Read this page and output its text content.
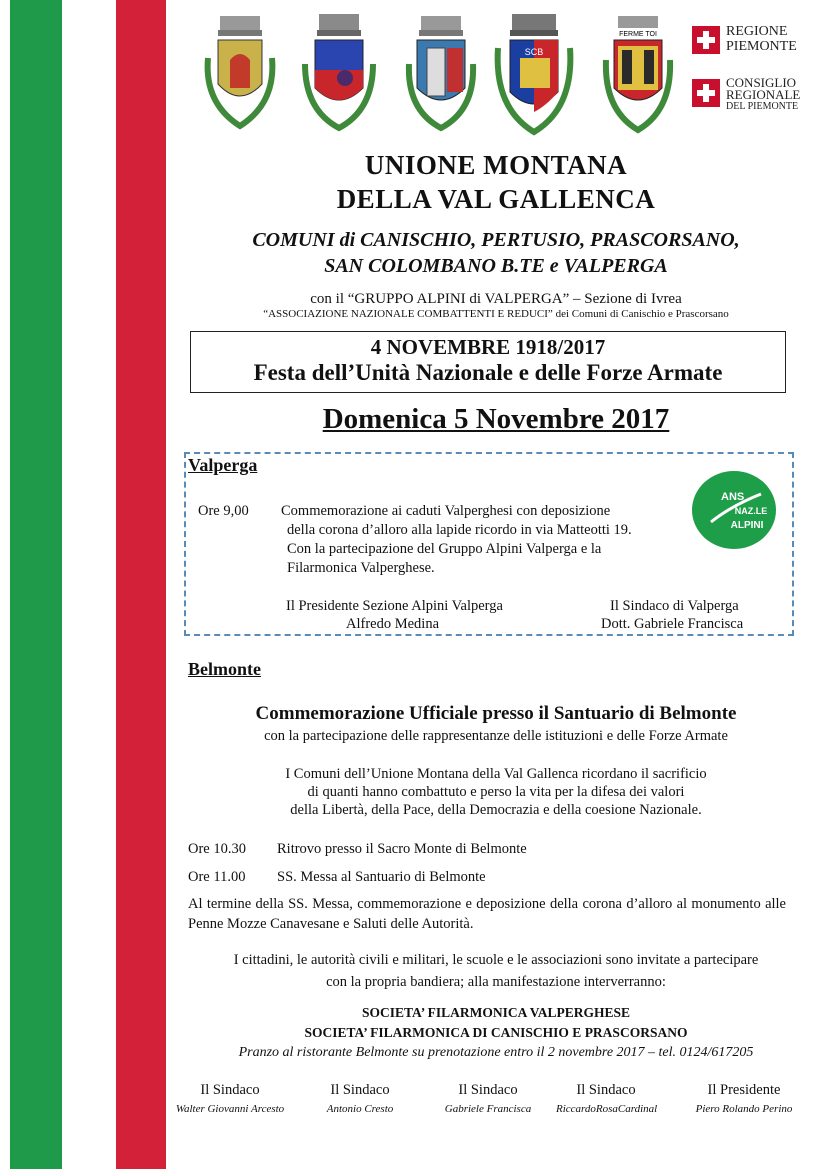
SCB
FERME TOI	REGIONE
PIEMONTE
CONSIGLIO
REGIONALE
DEL PIEMONTE
UNIONE MONTANA
DELLA VAL GALLENCA
COMUNI di CANISCHIO, PERTUSIO, PRASCORSANO,
SAN COLOMBANO B.TE e VALPERGA
con il “GRUPPO ALPINI di VALPERGA” – Sezione di Ivrea
“ASSOCIAZIONE NAZIONALE COMBATTENTI E REDUCI” dei Comuni di Canischio e Prascorsano
4 NOVEMBRE 1918/2017
Festa dell’Unità Nazionale e delle Forze Armate
Domenica 5 Novembre 2017
Valperga
Ore 9,00 Commemorazione ai caduti Valperghesi con deposizione
della corona d’alloro alla lapide ricordo in via Matteotti 19.
Con la partecipazione del Gruppo Alpini Valperga e la
Filarmonica Valperghese.
ANS
NAZ.LE
ALPINI
Il Presidente Sezione Alpini Valperga
Alfredo Medina
Il Sindaco di Valperga
Dott. Gabriele Francisca
Belmonte
Commemorazione Ufficiale presso il Santuario di Belmonte
con la partecipazione delle rappresentanze delle istituzioni e delle Forze Armate
I Comuni dell’Unione Montana della Val Gallenca ricordano il sacrificio
di quanti hanno combattuto e perso la vita per la difesa dei valori
della Libertà, della Pace, della Democrazia e della coesione Nazionale.
Ore 10.30 Ritrovo presso il Sacro Monte di Belmonte
Ore 11.00 SS. Messa al Santuario di Belmonte
Al termine della SS. Messa, commemorazione e deposizione della corona d’alloro al monumento alle Penne Mozze Canavesane e Saluti delle Autorità.
I cittadini, le autorità civili e militari, le scuole e le associazioni sono invitate a partecipare
con la propria bandiera; alla manifestazione interverranno:
SOCIETA’ FILARMONICA VALPERGHESE
SOCIETA’ FILARMONICA DI CANISCHIO E PRASCORSANO
Pranzo al ristorante Belmonte su prenotazione entro il 2 novembre 2017 – tel. 0124/617205
Il Sindaco
Walter Giovanni Arcesto
Il Sindaco
Antonio Cresto
Il Sindaco
Gabriele Francisca
Il Sindaco
RiccardoRosaCardinal
Il Presidente
Piero Rolando Perino
